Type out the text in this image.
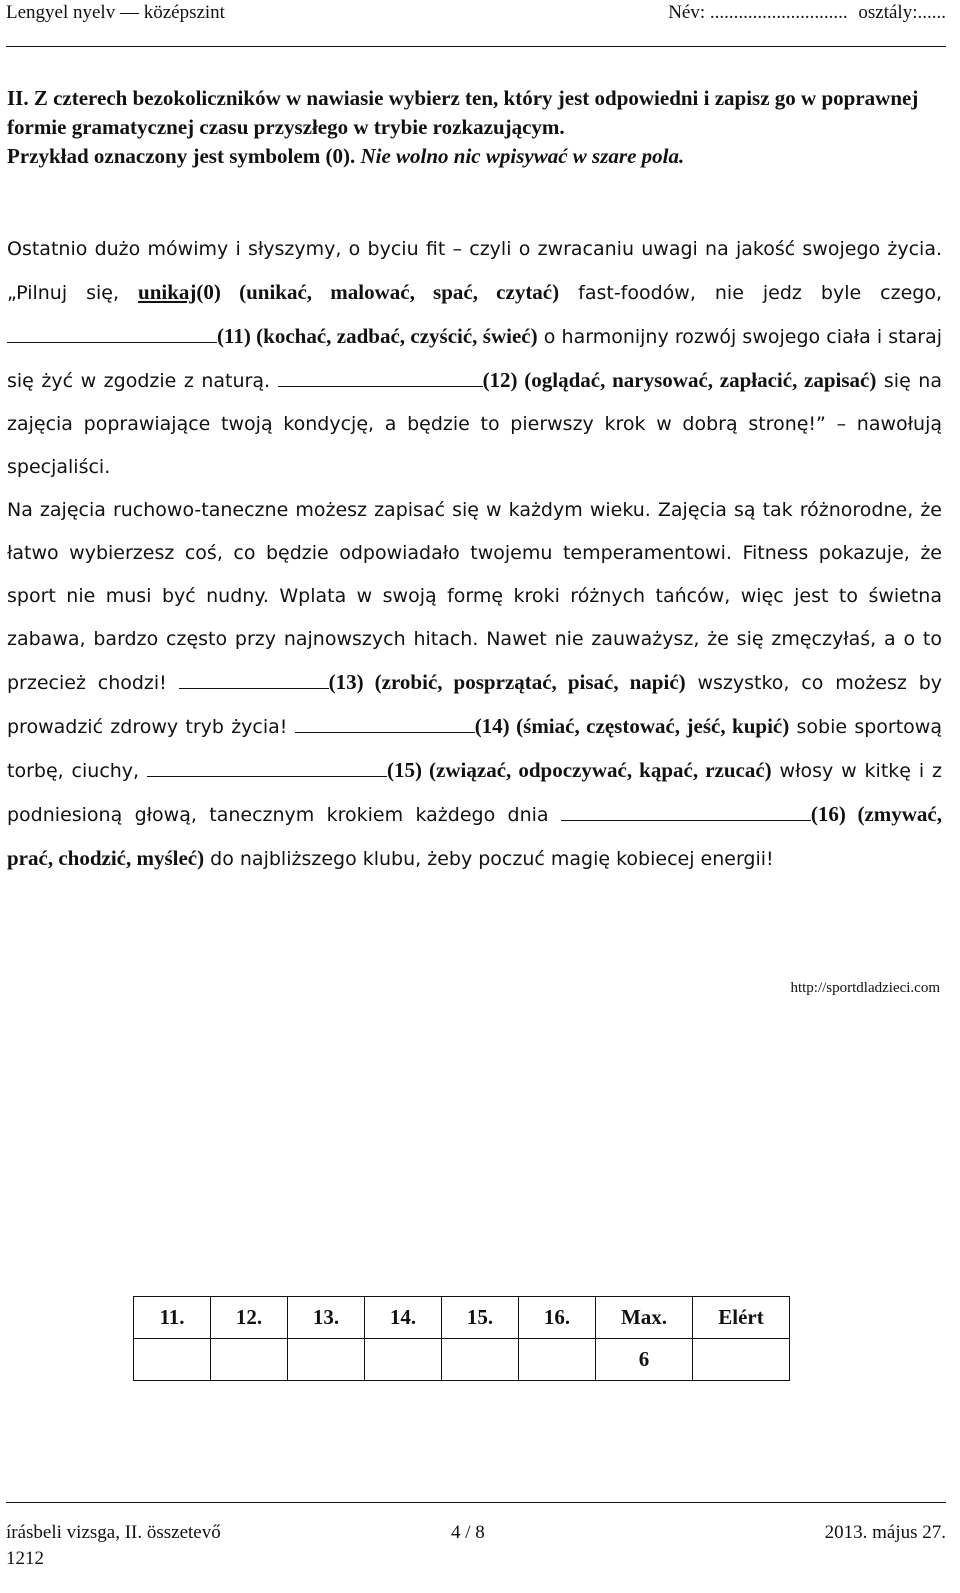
Lengyel nyelv — középszint	Név: ............................. osztály:......
II. Z czterech bezokoliczników w nawiasie wybierz ten, który jest odpowiedni i zapisz go w poprawnej formie gramatycznej czasu przyszłego w trybie rozkazującym.
Przykład oznaczony jest symbolem (0). Nie wolno nic wpisywać w szare pola.
Ostatnio dużo mówimy i słyszymy, o byciu fit – czyli o zwracaniu uwagi na jakość swojego życia. „Pilnuj się, unikaj(0) (unikać, malować, spać, czytać) fast-foodów, nie jedz byle czego, (11) (kochać, zadbać, czyścić, świeć) o harmonijny rozwój swojego ciała i staraj się żyć w zgodzie z naturą.	(12) (oglądać, narysować, zapłacić, zapisać) się na zajęcia poprawiające twoją kondycję, a będzie to pierwszy krok w dobrą stronę!” – nawołują specjaliści.
Na zajęcia ruchowo-taneczne możesz zapisać się w każdym wieku. Zajęcia są tak różnorodne, że łatwo wybierzesz coś, co będzie odpowiadało twojemu temperamentowi. Fitness pokazuje, że sport nie musi być nudny. Wplata w swoją formę kroki różnych tańców, więc jest to świetna zabawa, bardzo często przy najnowszych hitach. Nawet nie zauważysz, że się zmęczyłaś, a o to przecież chodzi!	(13) (zrobić, posprzątać, pisać, napić) wszystko, co możesz by prowadzić zdrowy tryb życia!	(14) (śmiać, częstować, jeść, kupić) sobie sportową torbę, ciuchy,	(15) (związać, odpoczywać, kąpać, rzucać) włosy w kitkę i z podniesioną głową, tanecznym krokiem każdego dnia	(16) (zmywać, prać, chodzić, myśleć) do najbliższego klubu, żeby poczuć magię kobiecej energii!
http://sportdladzieci.com
11.	12.	13.	14.	15.	16.	Max.	Elért
						6	
írásbeli vizsga, II. összetevő	4 / 8	2013. május 27.
1212
